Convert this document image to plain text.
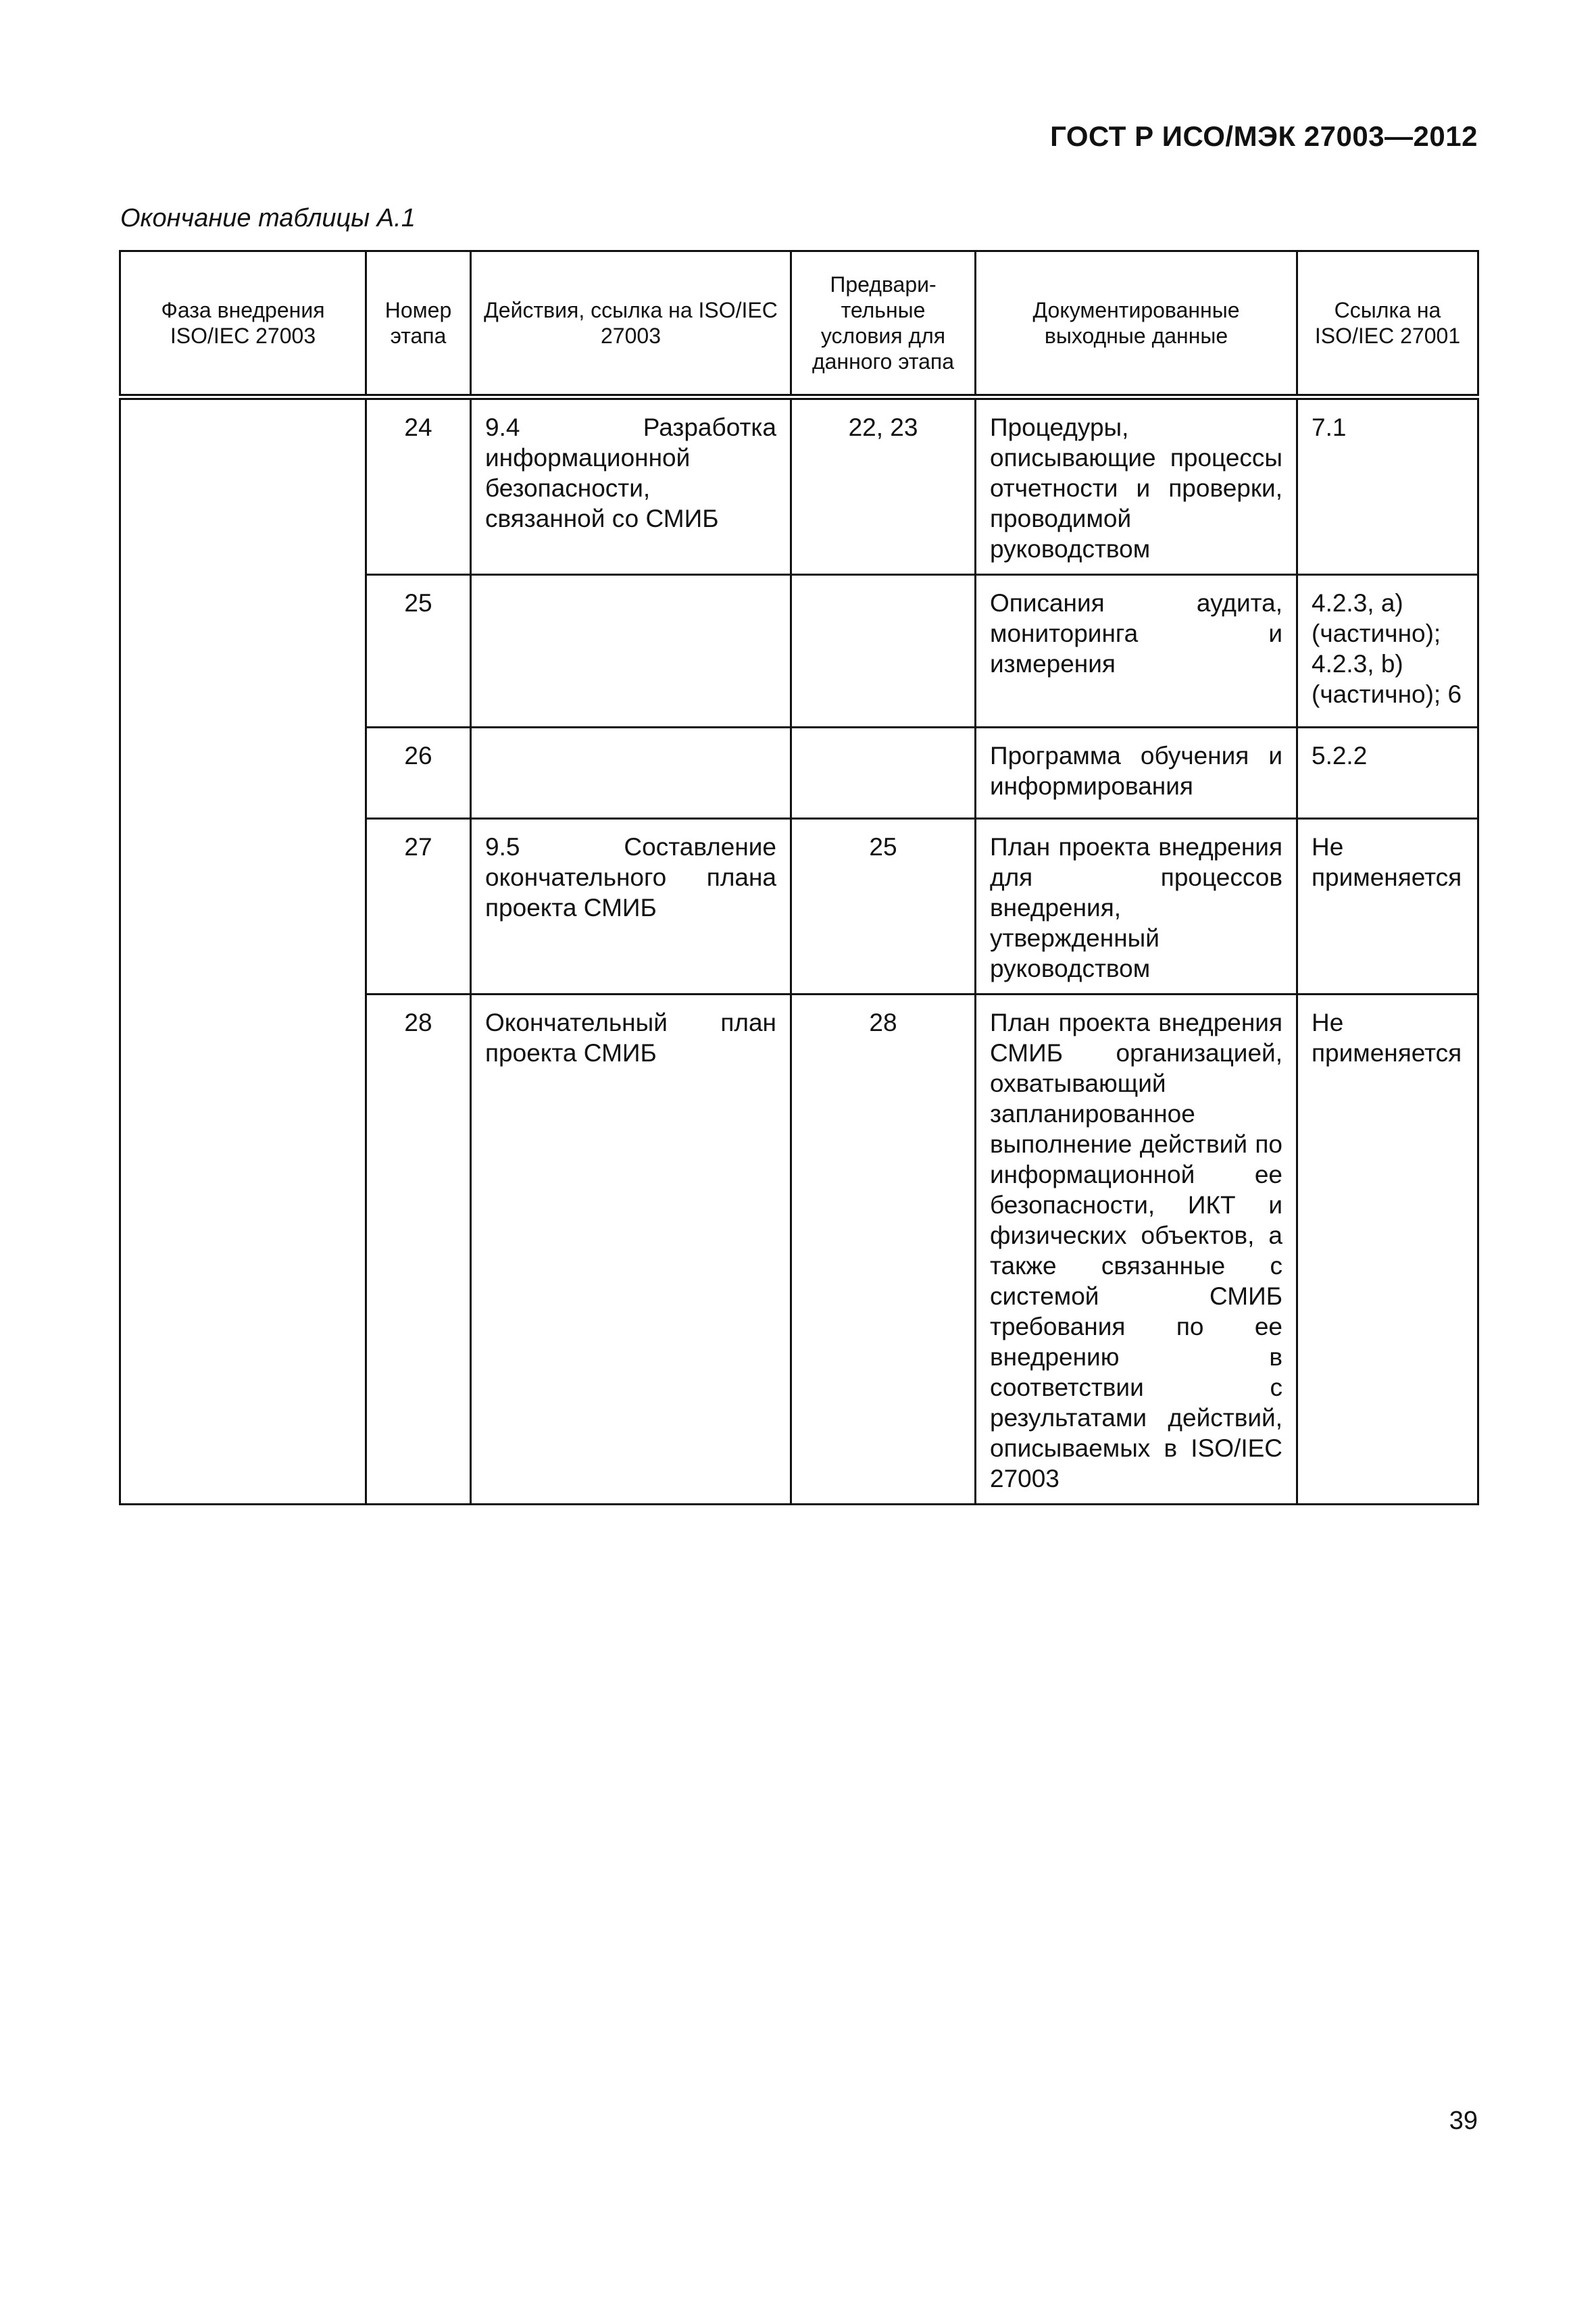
ГОСТ Р ИСО/МЭК 27003—2012
Окончание таблицы А.1
Фаза внедрения ISO/IEC 27003	Номер этапа	Действия, ссылка на ISO/IEC 27003	Предвари-тельные условия для данного этапа	Документированные выходные данные	Ссылка на ISO/IEC 27001
	24	9.4 Разработка информационной безопасности, связанной со СМИБ	22, 23	Процедуры, описывающие процессы отчетности и проверки, проводимой руководством	7.1
	25			Описания аудита, мониторинга и измерения	4.2.3, a) (частично); 4.2.3, b) (частично); 6
	26			Программа обучения и информирования	5.2.2
	27	9.5 Составление окончательного плана проекта СМИБ	25	План проекта внедрения для процессов внедрения, утвержденный руководством	Не применяется
	28	Окончательный план проекта СМИБ	28	План проекта внедрения СМИБ организацией, охватывающий запланированное выполнение действий по информационной ее безопасности, ИКТ и физических объектов, а также связанные с системой СМИБ требования по ее внедрению в соответствии с результатами действий, описываемых в ISO/IEC 27003	Не применяется
39
